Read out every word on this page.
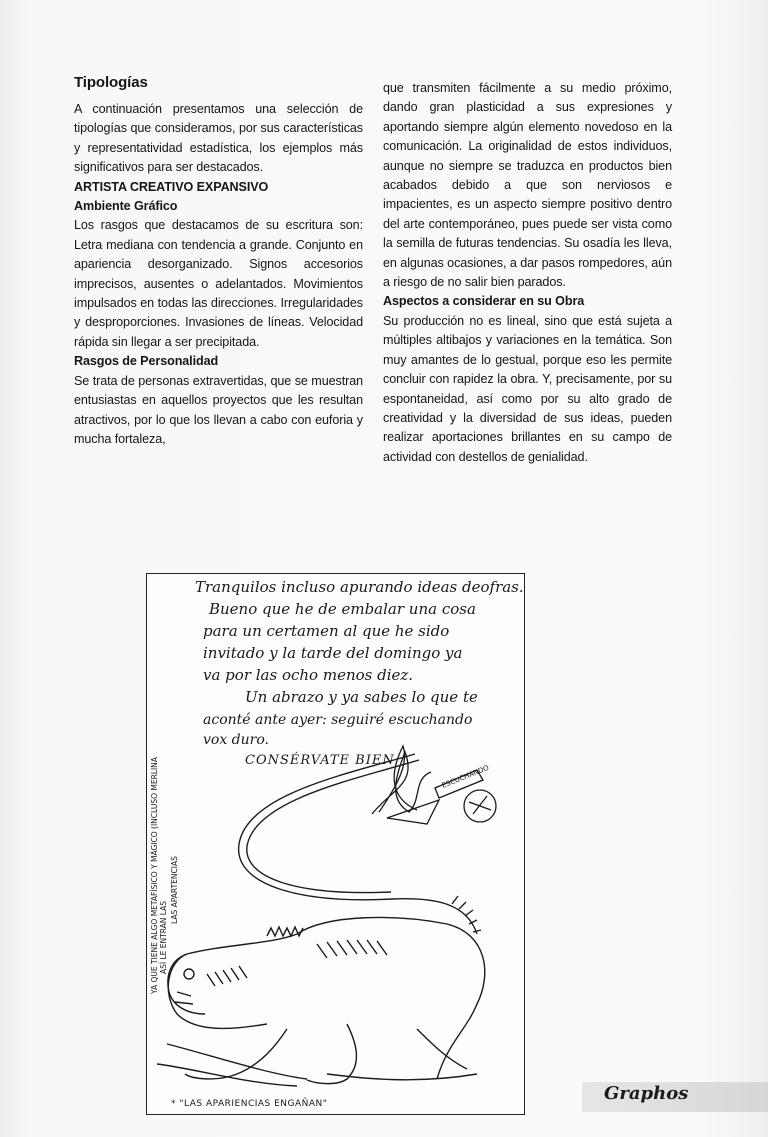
Tipologías

A continuación presentamos una selección de tipologías que consideramos, por sus características y representatividad estadística, los ejemplos más significativos para ser destacados.

ARTISTA CREATIVO EXPANSIVO

Ambiente Gráfico

Los rasgos que destacamos de su escritura son: Letra mediana con tendencia a grande. Conjunto en apariencia desorganizado. Signos accesorios imprecisos, ausentes o adelantados. Movimientos impulsados en todas las direcciones. Irregularidades y desproporciones. Invasiones de líneas. Velocidad rápida sin llegar a ser precipitada.

Rasgos de Personalidad

Se trata de personas extravertidas, que se muestran entusiastas en aquellos proyectos que les resultan atractivos, por lo que los llevan a cabo con euforia y mucha fortaleza,

que transmiten fácilmente a su medio próximo, dando gran plasticidad a sus expresiones y aportando siempre algún elemento novedoso en la comunicación. La originalidad de estos individuos, aunque no siempre se traduzca en productos bien acabados debido a que son nerviosos e impacientes, es un aspecto siempre positivo dentro del arte contemporáneo, pues puede ser vista como la semilla de futuras tendencias. Su osadía les lleva, en algunas ocasiones, a dar pasos rompedores, aún a riesgo de no salir bien parados.

Aspectos a considerar en su Obra

Su producción no es lineal, sino que está sujeta a múltiples altibajos y variaciones en la temática. Son muy amantes de lo gestual, porque eso les permite concluir con rapidez la obra. Y, precisamente, por su espontaneidad, así como por su alto grado de creatividad y la diversidad de sus ideas, pueden realizar aportaciones brillantes en su campo de actividad con destellos de genialidad.

Tranquilos incluso apurando ideas deofras.
Bueno que he de embalar una cosa
para un certamen al que he sido
invitado y la tarde del domingo ya
va por las ocho menos diez.
Un abrazo y ya sabes lo que te
aconté ante ayer: seguiré escuchando
vox duro.
CONSÉRVATE BIEN
YA QUE TIENE ALGO METAFÍSICO Y MÁGICO (INCLUSO MERLINA ASÍ LE ENTRAN LAS
LAS APARTENCIAS
ESCUCHANDO
* "LAS APARIENCIAS ENGAÑAN"	Graphos
